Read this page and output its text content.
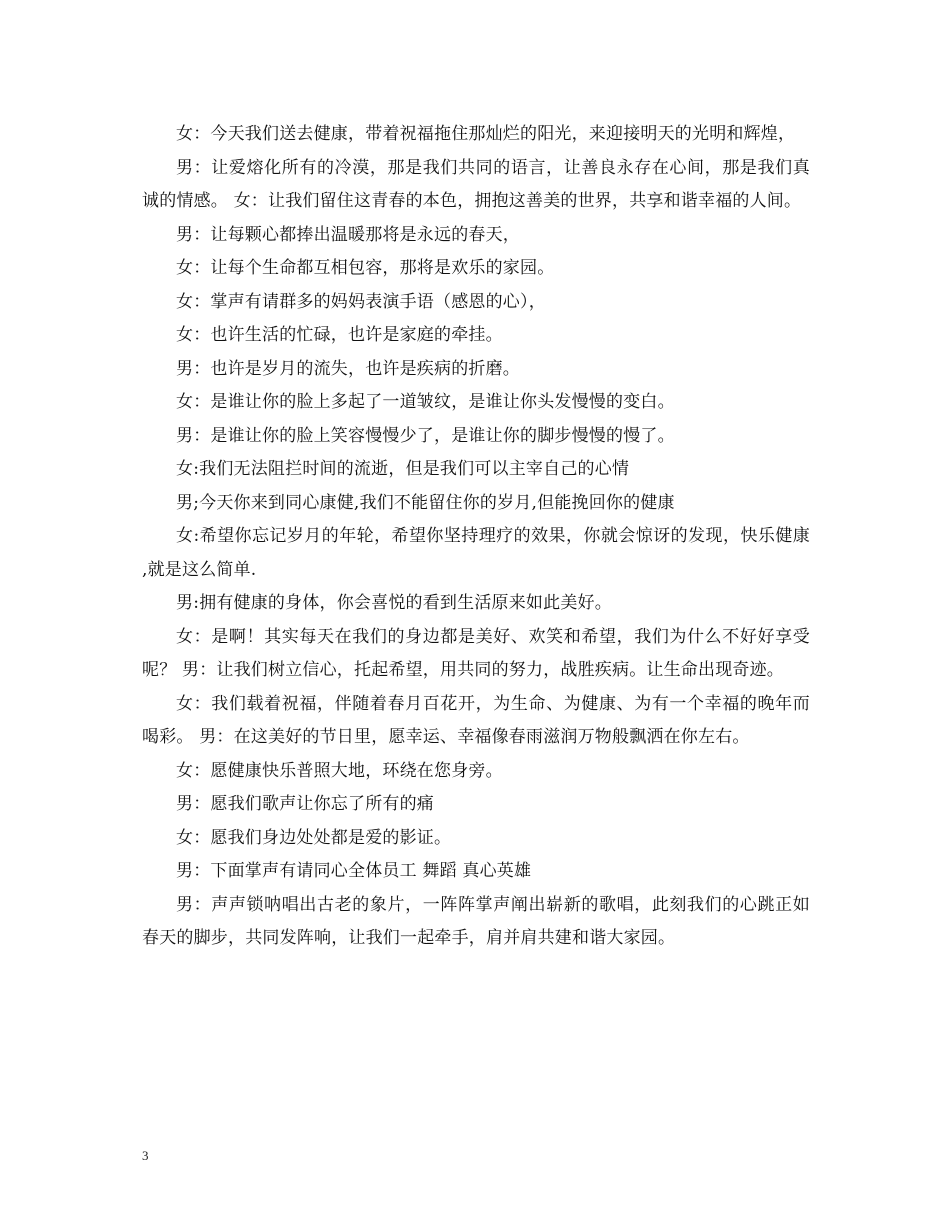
女：今天我们送去健康，带着祝福拖住那灿烂的阳光，来迎接明天的光明和辉煌，

男：让爱熔化所有的冷漠，那是我们共同的语言，让善良永存在心间，那是我们真诚的情感。 女：让我们留住这青春的本色，拥抱这善美的世界，共享和谐幸福的人间。

男：让每颗心都捧出温暖那将是永远的春天，

女：让每个生命都互相包容，那将是欢乐的家园。

女：掌声有请群多的妈妈表演手语（感恩的心），

女：也许生活的忙碌，也许是家庭的牵挂。

男：也许是岁月的流失，也许是疾病的折磨。

女：是谁让你的脸上多起了一道皱纹，是谁让你头发慢慢的变白。

男：是谁让你的脸上笑容慢慢少了，是谁让你的脚步慢慢的慢了。

女:我们无法阻拦时间的流逝，但是我们可以主宰自己的心情

男;今天你来到同心康健,我们不能留住你的岁月,但能挽回你的健康

女:希望你忘记岁月的年轮，希望你坚持理疗的效果，你就会惊讶的发现，快乐健康 ,就是这么简单.

男:拥有健康的身体，你会喜悦的看到生活原来如此美好。

女：是啊！其实每天在我们的身边都是美好、欢笑和希望，我们为什么不好好享受呢？ 男：让我们树立信心，托起希望，用共同的努力，战胜疾病。让生命出现奇迹。

女：我们载着祝福，伴随着春月百花开，为生命、为健康、为有一个幸福的晚年而喝彩。 男：在这美好的节日里，愿幸运、幸福像春雨滋润万物般飘洒在你左右。

女：愿健康快乐普照大地，环绕在您身旁。

男：愿我们歌声让你忘了所有的痛

女：愿我们身边处处都是爱的影证。

男：下面掌声有请同心全体员工 舞蹈 真心英雄

男：声声锁呐唱出古老的象片，一阵阵掌声阐出崭新的歌唱，此刻我们的心跳正如春天的脚步，共同发阵响，让我们一起牵手，肩并肩共建和谐大家园。

3
